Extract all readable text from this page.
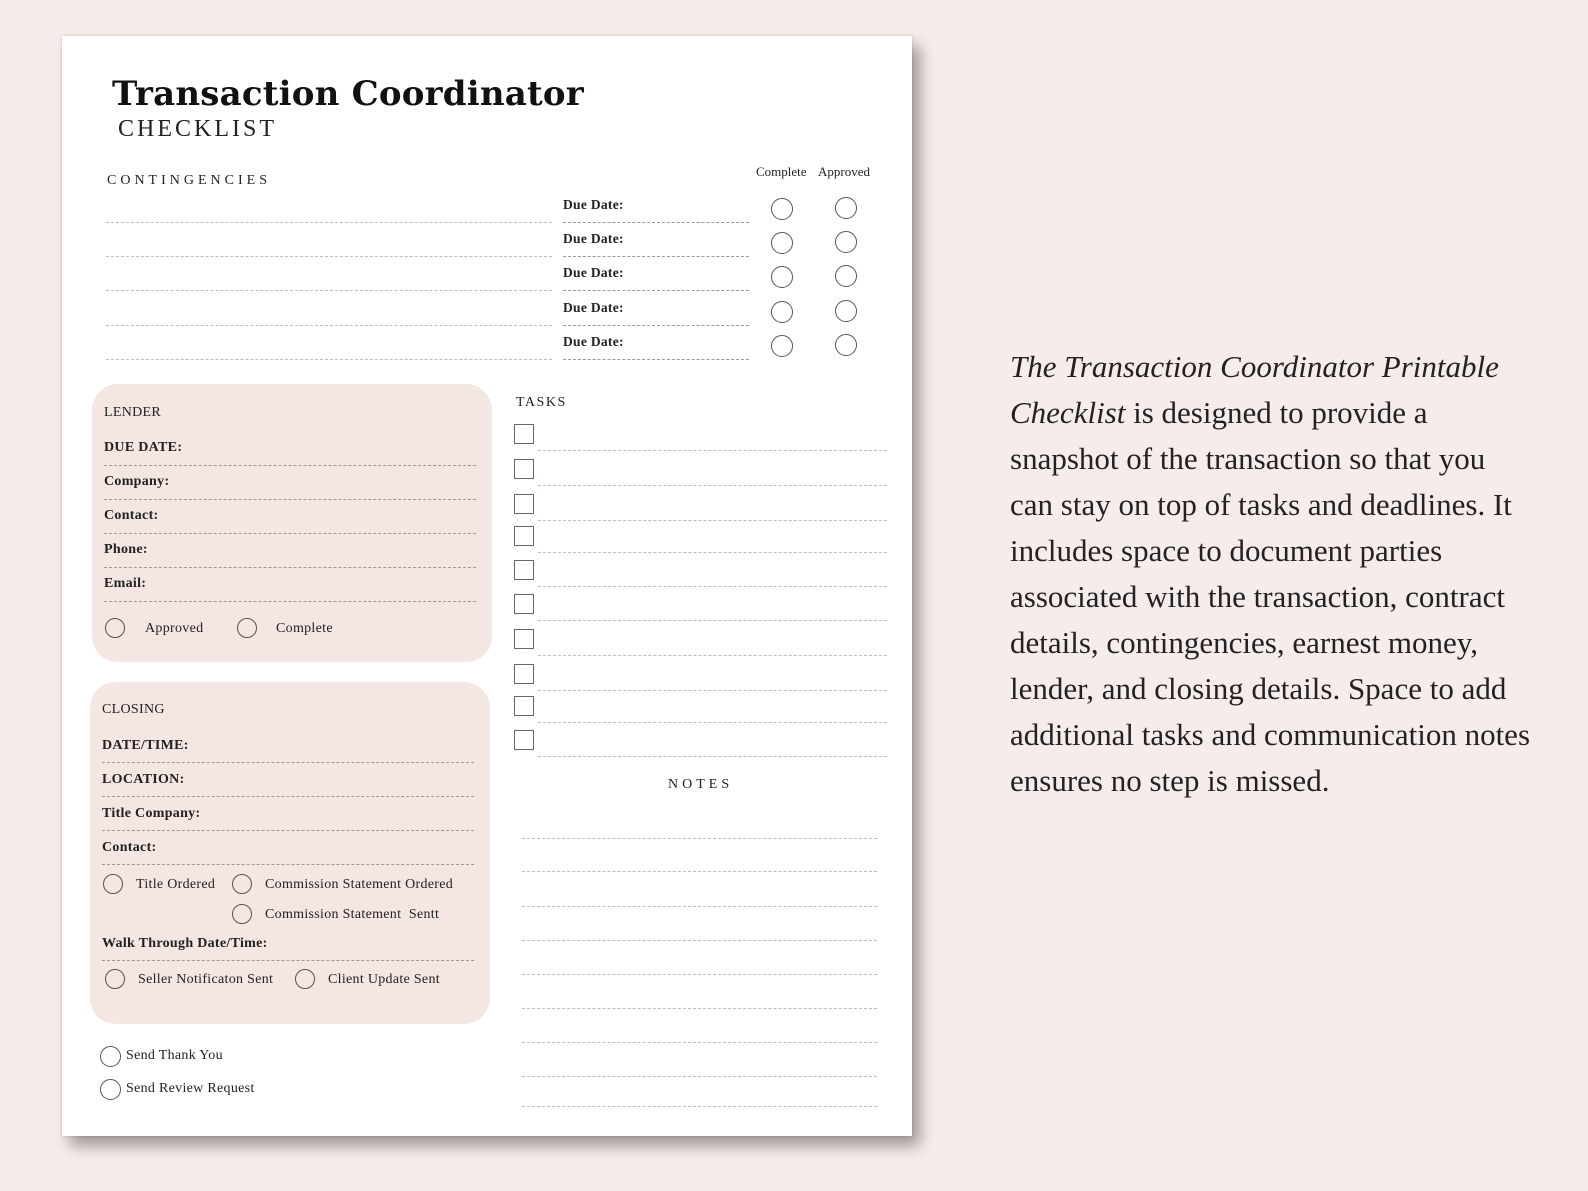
Transaction Coordinator
CHECKLIST
CONTINGENCIES
Complete Approved
Due Date:
Due Date:
Due Date:
Due Date:
Due Date:
LENDER
DUE DATE:
Company:
Contact:
Phone:
Email:
Approved	Complete
TASKS
CLOSING
DATE/TIME:
LOCATION:
Title Company:
Contact:
Title Ordered	Commission Statement Ordered
Commission Statement  Sentt
Walk Through Date/Time:
Seller Notificaton Sent	Client Update Sent
NOTES
Send Thank You
Send Review Request
The Transaction Coordinator Printable Checklist is designed to provide a snapshot of the transaction so that you can stay on top of tasks and deadlines. It includes space to document parties associated with the transaction, contract details, contingencies, earnest money, lender, and closing details. Space to add additional tasks and communication notes ensures no step is missed.
